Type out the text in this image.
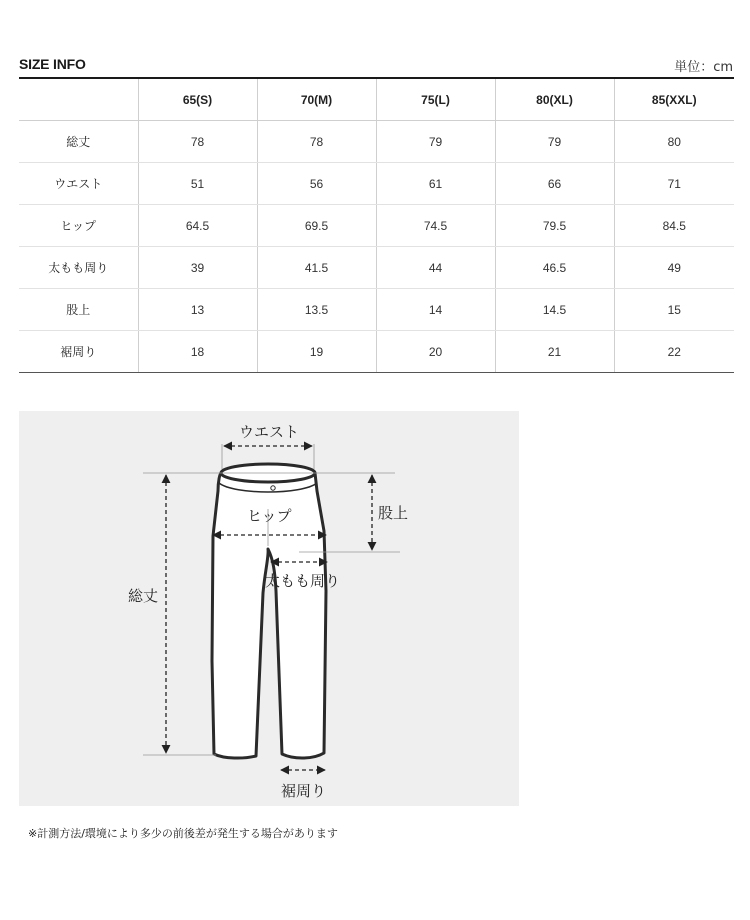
SIZE INFO	単位：cm
	65(S)	70(M)	75(L)	80(XL)	85(XXL)
総丈	78	78	79	79	80
ウエスト	51	56	61	66	71
ヒップ	64.5	69.5	74.5	79.5	84.5
太もも周り	39	41.5	44	46.5	49
股上	13	13.5	14	14.5	15
裾周り	18	19	20	21	22
ウエスト
ヒップ
太もも周り
股上
総丈
裾周り
※計測方法/環境により多少の前後差が発生する場合があります
